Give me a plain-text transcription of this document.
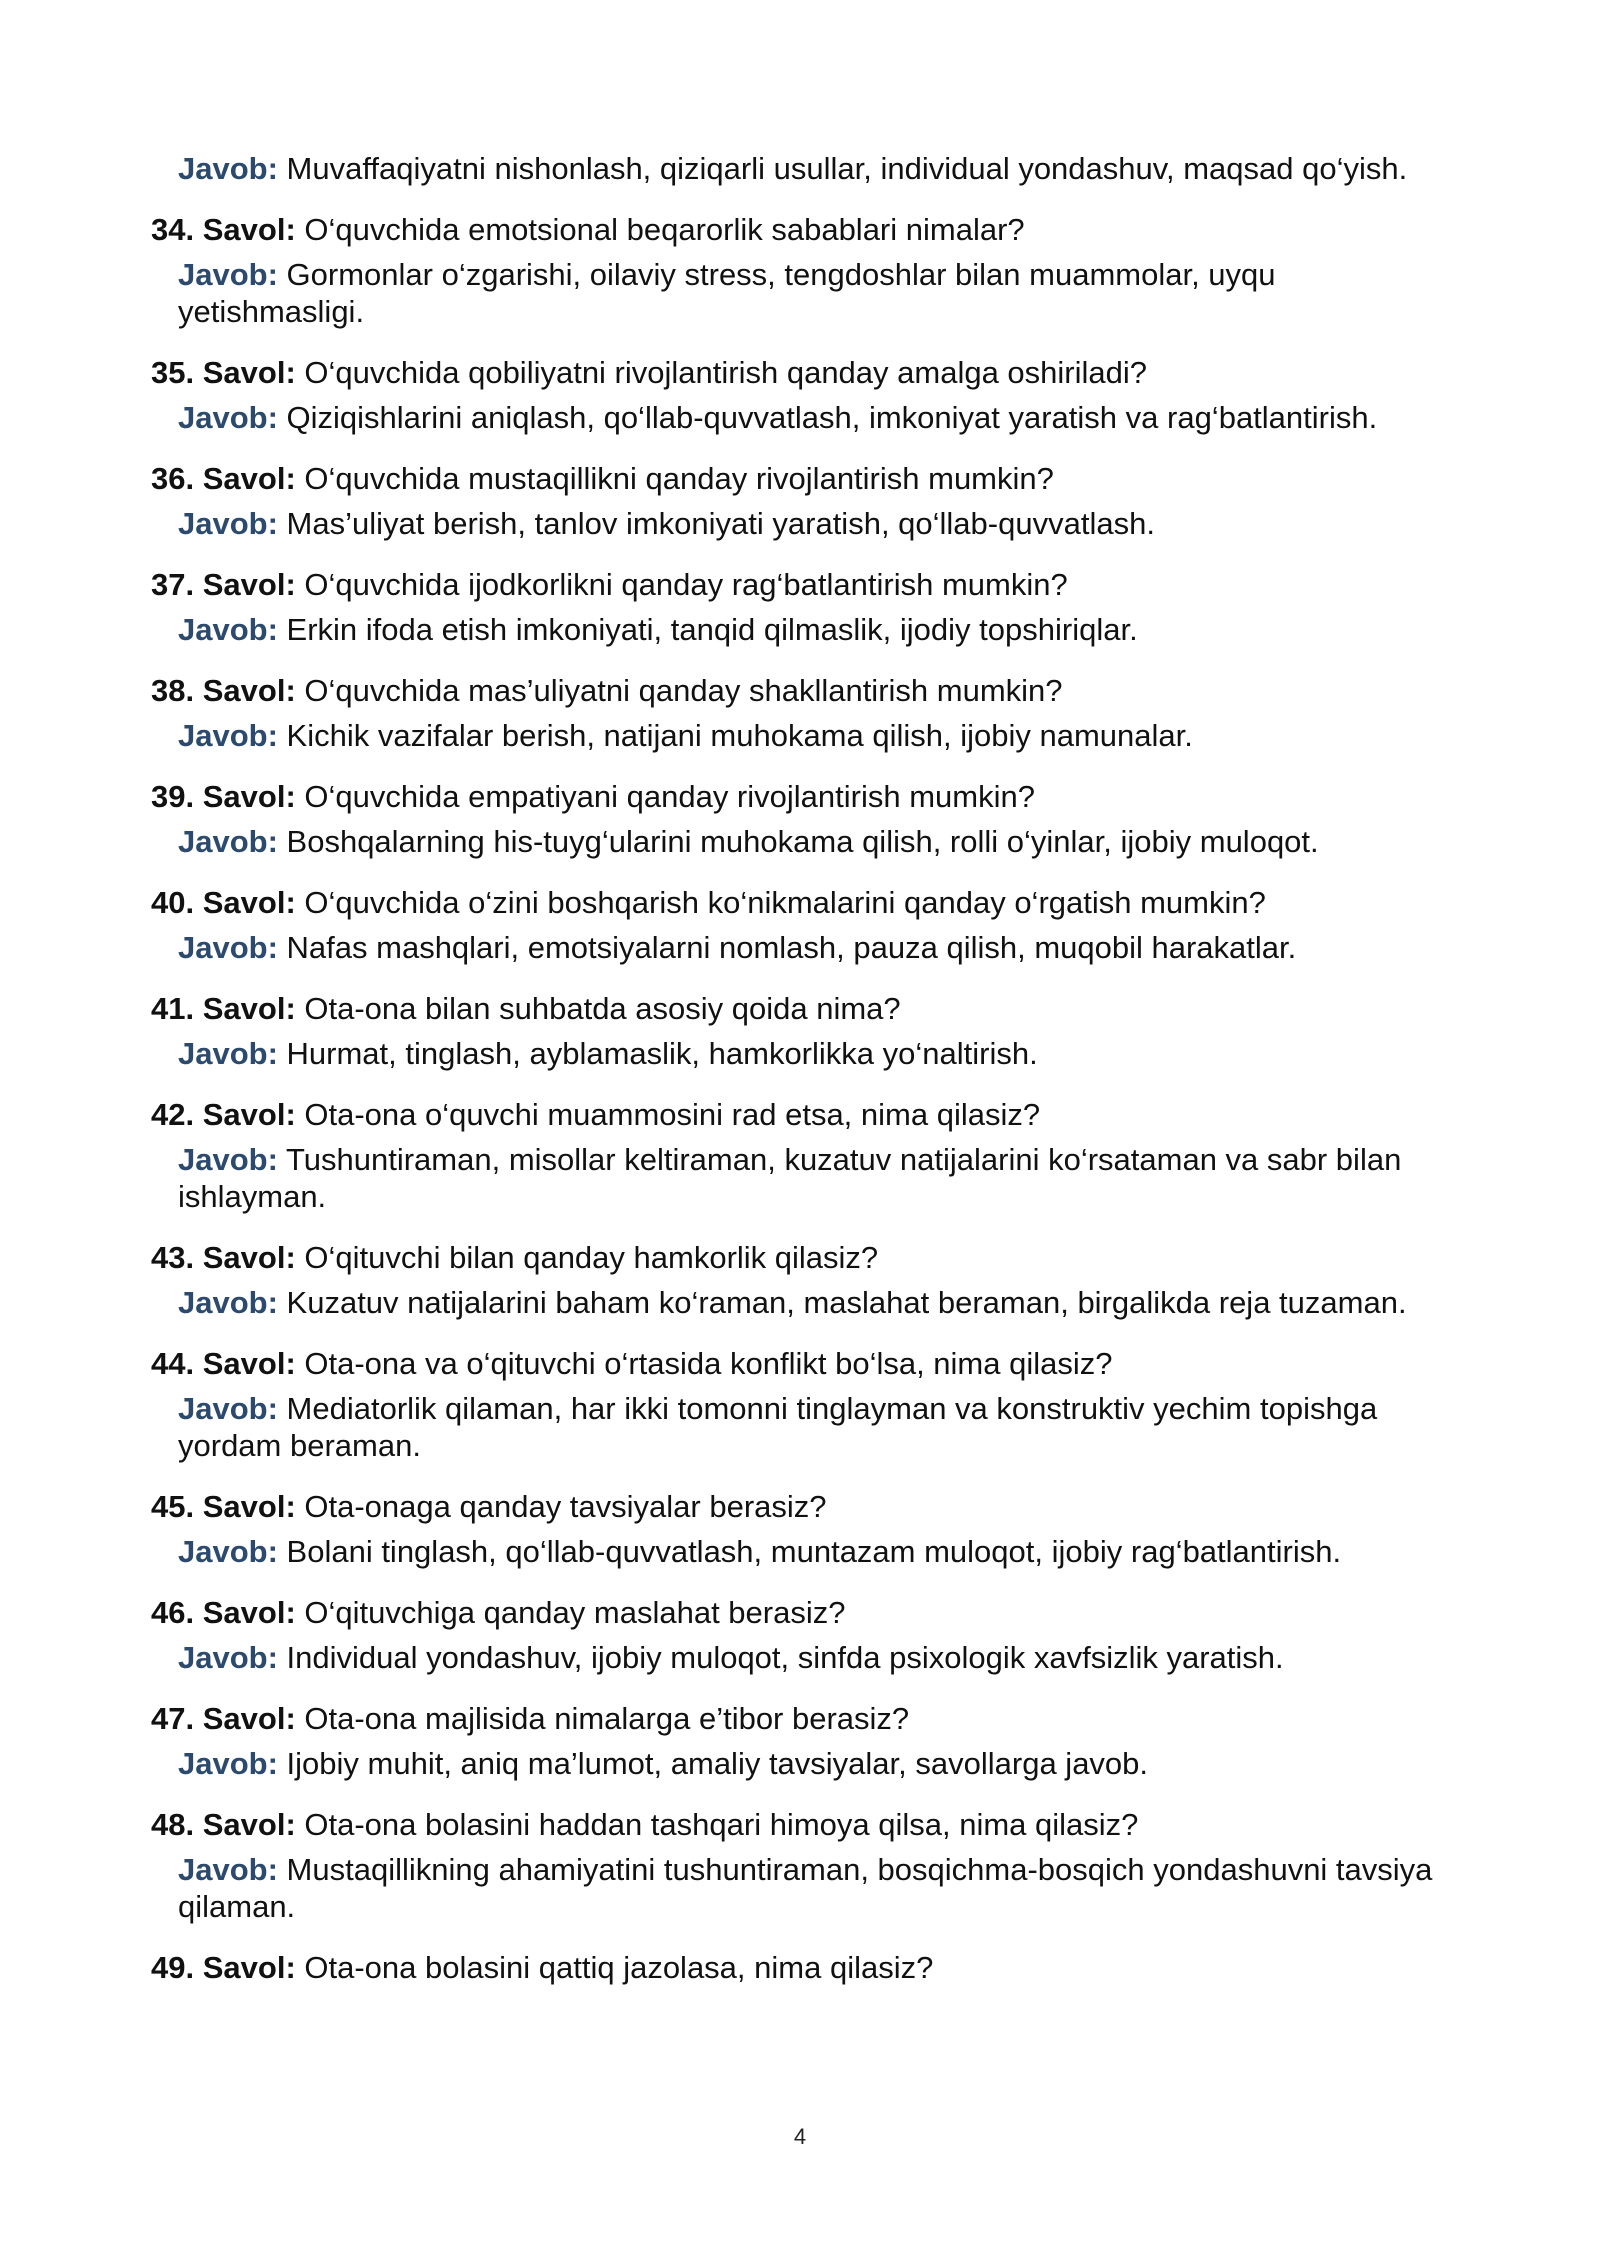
Javob: Muvaffaqiyatni nishonlash, qiziqarli usullar, individual yondashuv, maqsad qo‘yish.
34. Savol: O‘quvchida emotsional beqarorlik sabablari nimalar?
Javob: Gormonlar o‘zgarishi, oilaviy stress, tengdoshlar bilan muammolar, uyqu yetishmasligi.
35. Savol: O‘quvchida qobiliyatni rivojlantirish qanday amalga oshiriladi?
Javob: Qiziqishlarini aniqlash, qo‘llab-quvvatlash, imkoniyat yaratish va rag‘batlantirish.
36. Savol: O‘quvchida mustaqillikni qanday rivojlantirish mumkin?
Javob: Mas’uliyat berish, tanlov imkoniyati yaratish, qo‘llab-quvvatlash.
37. Savol: O‘quvchida ijodkorlikni qanday rag‘batlantirish mumkin?
Javob: Erkin ifoda etish imkoniyati, tanqid qilmaslik, ijodiy topshiriqlar.
38. Savol: O‘quvchida mas’uliyatni qanday shakllantirish mumkin?
Javob: Kichik vazifalar berish, natijani muhokama qilish, ijobiy namunalar.
39. Savol: O‘quvchida empatiyani qanday rivojlantirish mumkin?
Javob: Boshqalarning his-tuyg‘ularini muhokama qilish, rolli o‘yinlar, ijobiy muloqot.
40. Savol: O‘quvchida o‘zini boshqarish ko‘nikmalarini qanday o‘rgatish mumkin?
Javob: Nafas mashqlari, emotsiyalarni nomlash, pauza qilish, muqobil harakatlar.
41. Savol: Ota-ona bilan suhbatda asosiy qoida nima?
Javob: Hurmat, tinglash, ayblamaslik, hamkorlikka yo‘naltirish.
42. Savol: Ota-ona o‘quvchi muammosini rad etsa, nima qilasiz?
Javob: Tushuntiraman, misollar keltiraman, kuzatuv natijalarini ko‘rsataman va sabr bilan ishlayman.
43. Savol: O‘qituvchi bilan qanday hamkorlik qilasiz?
Javob: Kuzatuv natijalarini baham ko‘raman, maslahat beraman, birgalikda reja tuzaman.
44. Savol: Ota-ona va o‘qituvchi o‘rtasida konflikt bo‘lsa, nima qilasiz?
Javob: Mediatorlik qilaman, har ikki tomonni tinglayman va konstruktiv yechim topishga yordam beraman.
45. Savol: Ota-onaga qanday tavsiyalar berasiz?
Javob: Bolani tinglash, qo‘llab-quvvatlash, muntazam muloqot, ijobiy rag‘batlantirish.
46. Savol: O‘qituvchiga qanday maslahat berasiz?
Javob: Individual yondashuv, ijobiy muloqot, sinfda psixologik xavfsizlik yaratish.
47. Savol: Ota-ona majlisida nimalarga e’tibor berasiz?
Javob: Ijobiy muhit, aniq ma’lumot, amaliy tavsiyalar, savollarga javob.
48. Savol: Ota-ona bolasini haddan tashqari himoya qilsa, nima qilasiz?
Javob: Mustaqillikning ahamiyatini tushuntiraman, bosqichma-bosqich yondashuvni tavsiya qilaman.
49. Savol: Ota-ona bolasini qattiq jazolasa, nima qilasiz?
4
